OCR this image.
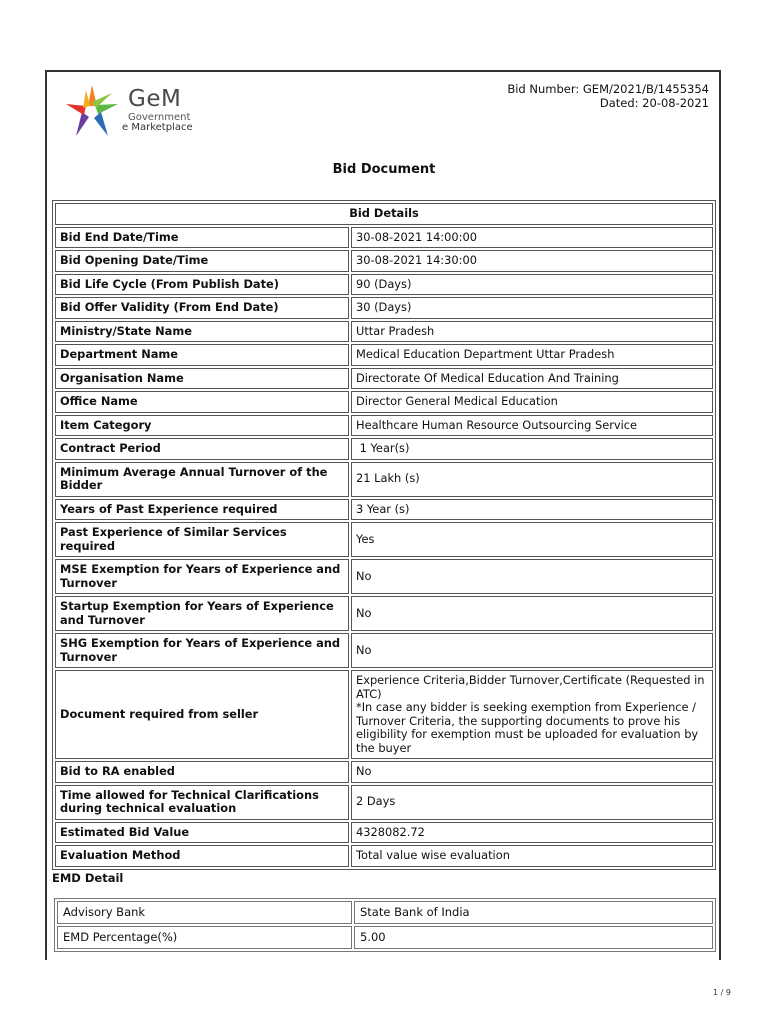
GeM
Government
e Marketplace
Bid Number: GEM/2021/B/1455354
Dated: 20-08-2021
Bid Document
Bid Details	
Bid End Date/Time	30-08-2021 14:00:00
Bid Opening Date/Time	30-08-2021 14:30:00
Bid Life Cycle (From Publish Date)	90 (Days)
Bid Offer Validity (From End Date)	30 (Days)
Ministry/State Name	Uttar Pradesh
Department Name	Medical Education Department Uttar Pradesh
Organisation Name	Directorate Of Medical Education And Training
Office Name	Director General Medical Education
Item Category	Healthcare Human Resource Outsourcing Service
Contract Period	1 Year(s)
Minimum Average Annual Turnover of the Bidder	21 Lakh (s)
Years of Past Experience required	3 Year (s)
Past Experience of Similar Services required	Yes
MSE Exemption for Years of Experience and Turnover	No
Startup Exemption for Years of Experience and Turnover	No
SHG Exemption for Years of Experience and Turnover	No
Document required from seller	Experience Criteria,Bidder Turnover,Certificate (Requested in ATC)
*In case any bidder is seeking exemption from Experience / Turnover Criteria, the supporting documents to prove his eligibility for exemption must be uploaded for evaluation by the buyer

Bid to RA enabled	No
Time allowed for Technical Clarifications during technical evaluation	2 Days
Estimated Bid Value	4328082.72
Evaluation Method	Total value wise evaluation
EMD Detail
Advisory Bank	State Bank of India
EMD Percentage(%)	5.00
1 / 9
